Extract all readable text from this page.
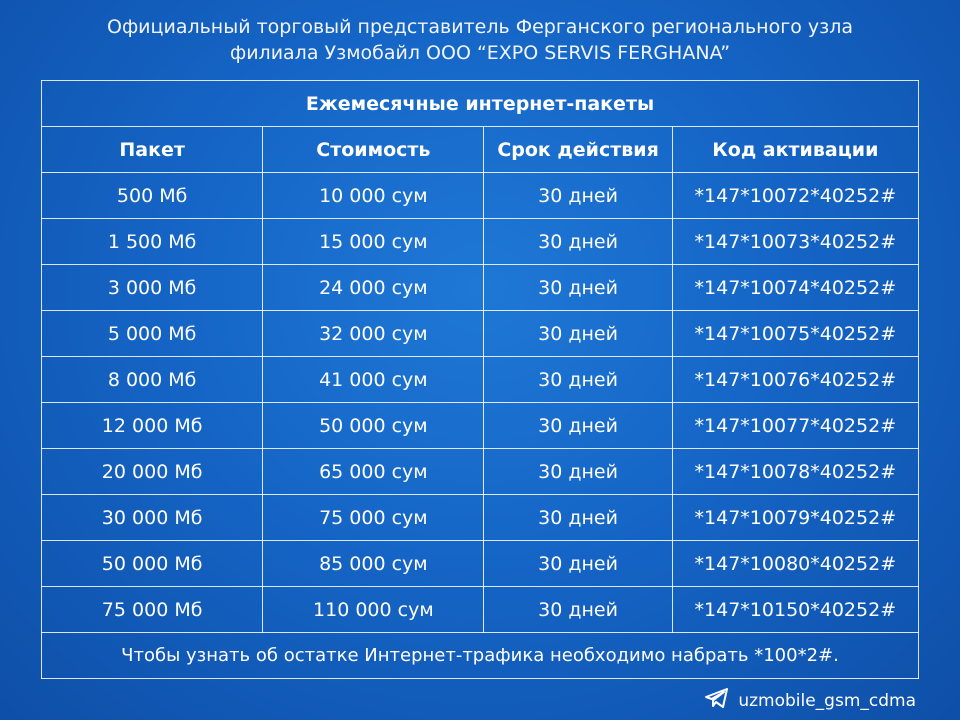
Официальный торговый представитель Ферганского регионального узла
филиала Узмобайл ООО “EXPO SERVIS FERGHANA”
Ежемесячные интернет-пакеты			
Пакет	Стоимость	Срок действия	Код активации
500 Мб	10 000 сум	30 дней	*147*10072*40252#
1 500 Мб	15 000 сум	30 дней	*147*10073*40252#
3 000 Мб	24 000 сум	30 дней	*147*10074*40252#
5 000 Мб	32 000 сум	30 дней	*147*10075*40252#
8 000 Мб	41 000 сум	30 дней	*147*10076*40252#
12 000 Мб	50 000 сум	30 дней	*147*10077*40252#
20 000 Мб	65 000 сум	30 дней	*147*10078*40252#
30 000 Мб	75 000 сум	30 дней	*147*10079*40252#
50 000 Мб	85 000 сум	30 дней	*147*10080*40252#
75 000 Мб	110 000 сум	30 дней	*147*10150*40252#
Чтобы узнать об остатке Интернет-трафика необходимо набрать *100*2#.			
uzmobile_gsm_cdma
